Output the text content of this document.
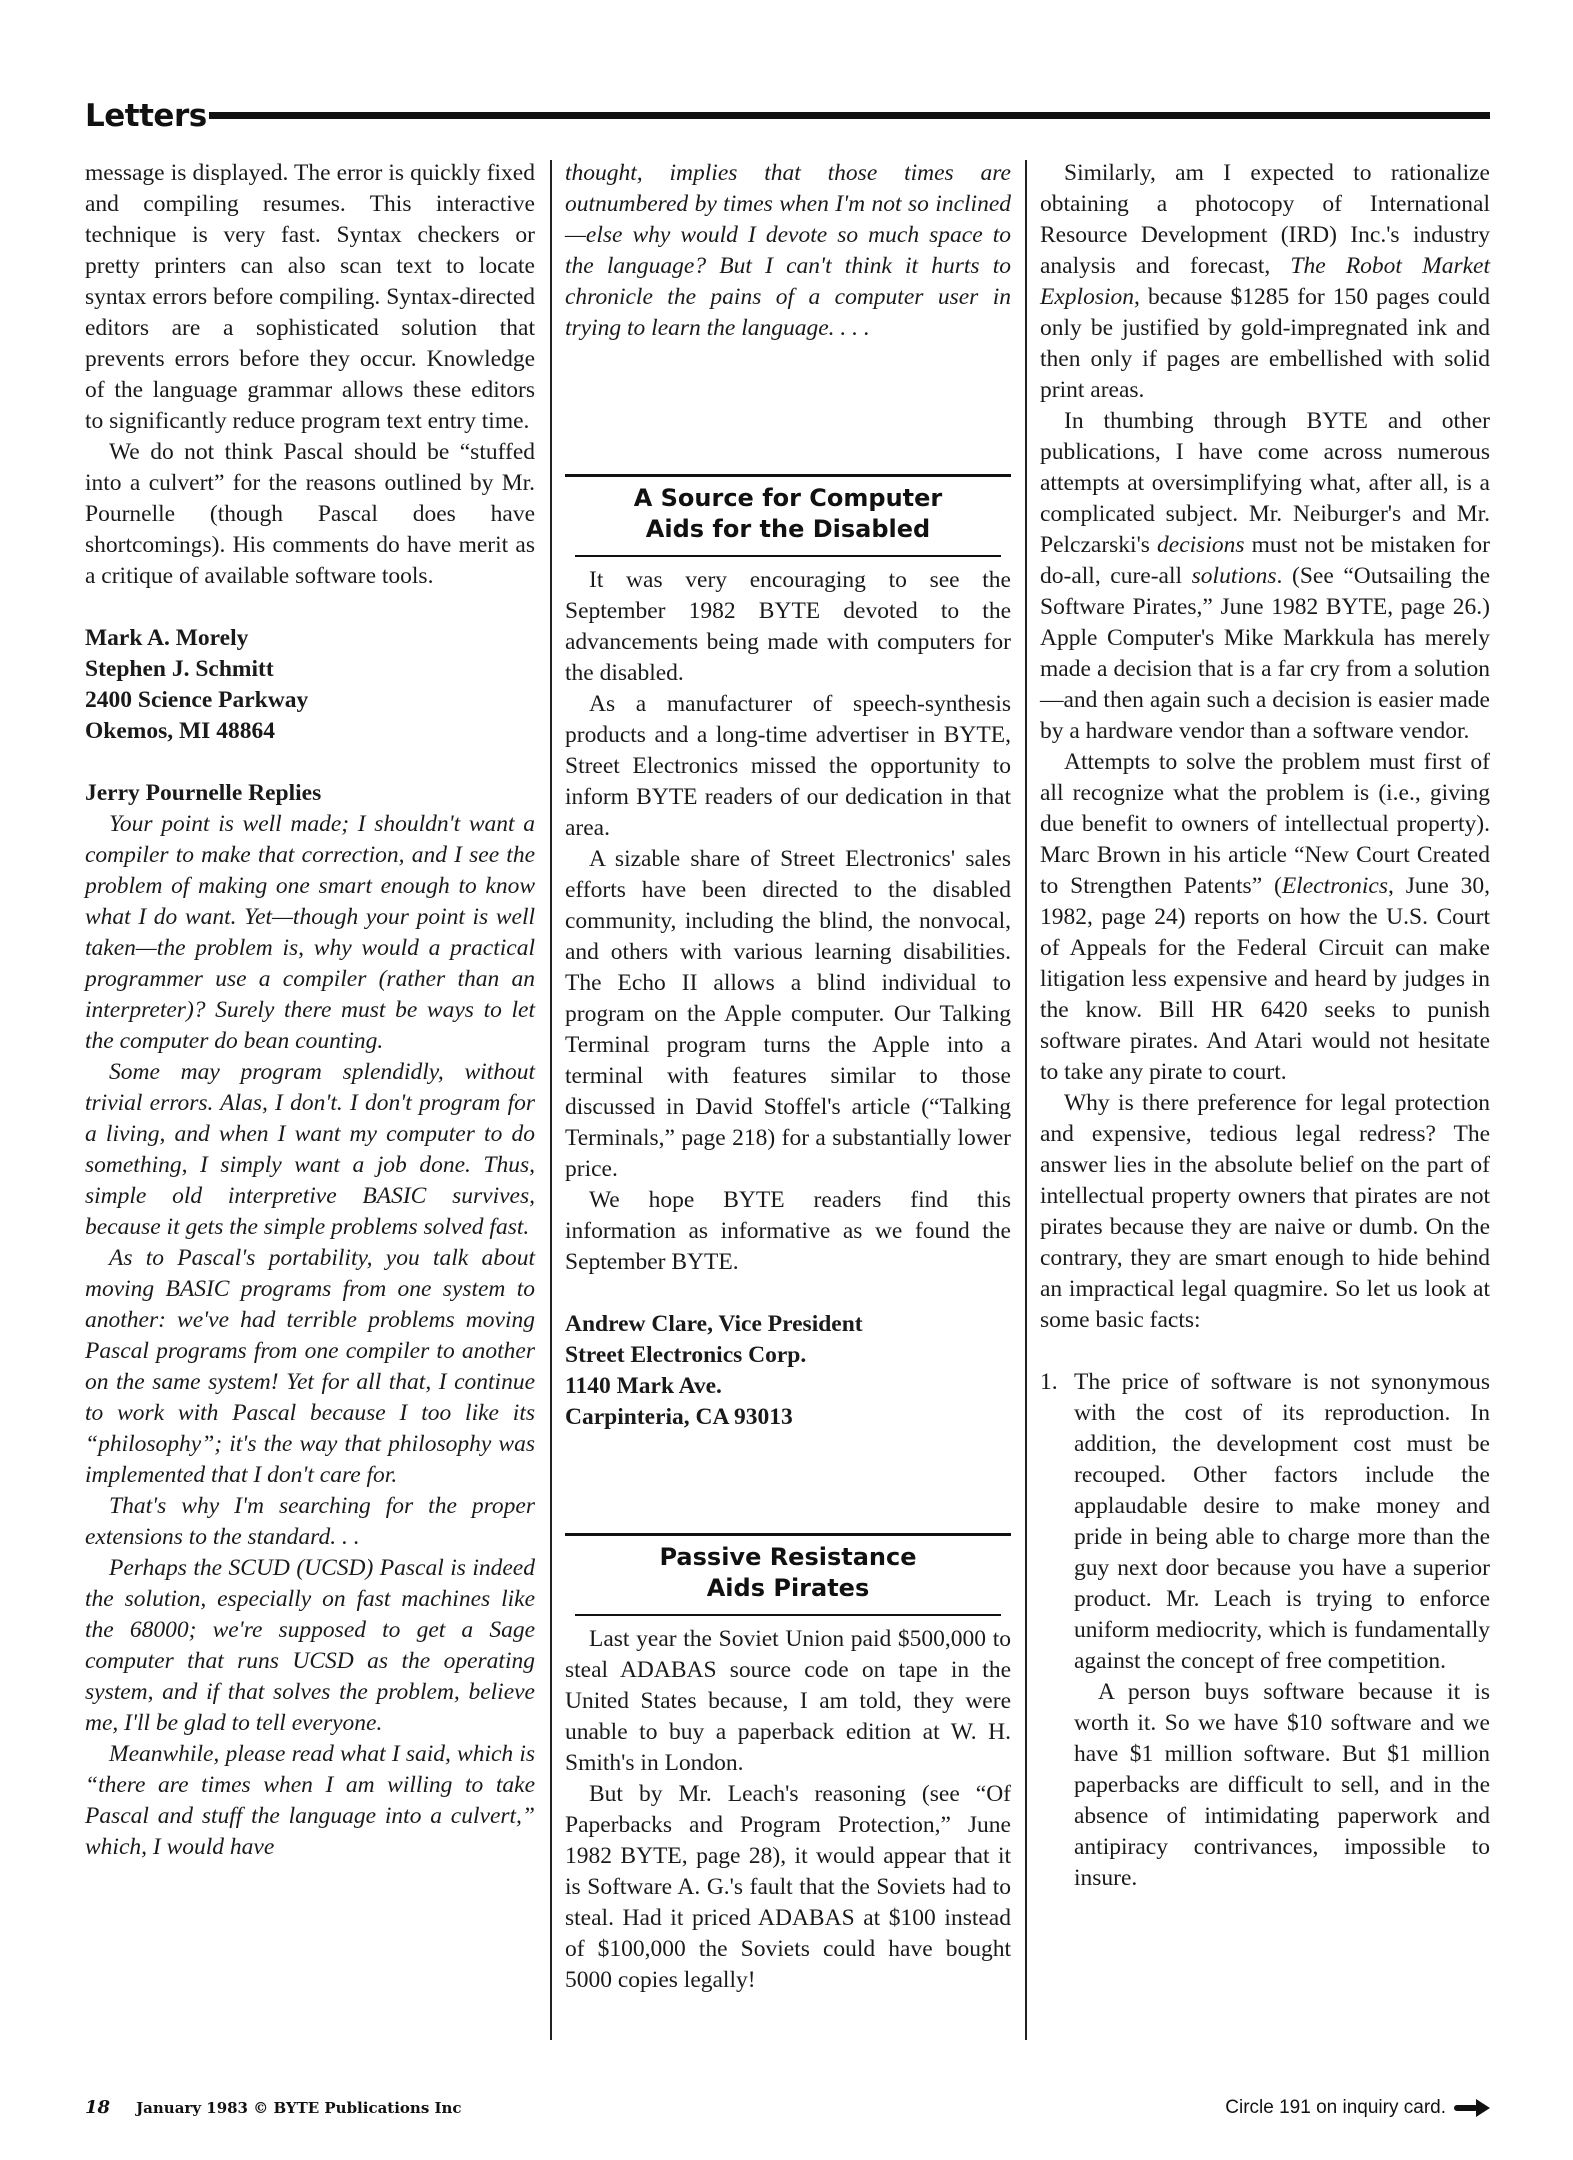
Letters

message is displayed. The error is quickly fixed and compiling resumes. This interactive technique is very fast. Syntax checkers or pretty printers can also scan text to locate syntax errors before compiling. Syntax-directed editors are a sophisticated solution that prevents errors before they occur. Knowledge of the language grammar allows these editors to significantly reduce program text entry time.

We do not think Pascal should be “stuffed into a culvert” for the reasons outlined by Mr. Pournelle (though Pascal does have shortcomings). His comments do have merit as a critique of available software tools.

Mark A. Morely
Stephen J. Schmitt
2400 Science Parkway
Okemos, MI 48864
Jerry Pournelle Replies

Your point is well made; I shouldn't want a compiler to make that correction, and I see the problem of making one smart enough to know what I do want. Yet—though your point is well taken—the problem is, why would a practical programmer use a compiler (rather than an interpreter)? Surely there must be ways to let the computer do bean counting.

Some may program splendidly, without trivial errors. Alas, I don't. I don't program for a living, and when I want my computer to do something, I simply want a job done. Thus, simple old interpretive BASIC survives, because it gets the simple problems solved fast.

As to Pascal's portability, you talk about moving BASIC programs from one system to another: we've had terrible problems moving Pascal programs from one compiler to another on the same system! Yet for all that, I continue to work with Pascal because I too like its “philosophy”; it's the way that philosophy was implemented that I don't care for.

That's why I'm searching for the proper extensions to the standard. . .

Perhaps the SCUD (UCSD) Pascal is indeed the solution, especially on fast machines like the 68000; we're supposed to get a Sage computer that runs UCSD as the operating system, and if that solves the problem, believe me, I'll be glad to tell everyone.

Meanwhile, please read what I said, which is “there are times when I am willing to take Pascal and stuff the language into a culvert,” which, I would have

thought, implies that those times are outnumbered by times when I'm not so inclined—else why would I devote so much space to the language? But I can't think it hurts to chronicle the pains of a computer user in trying to learn the language. . . .

A Source for Computer
Aids for the Disabled

It was very encouraging to see the September 1982 BYTE devoted to the advancements being made with computers for the disabled.

As a manufacturer of speech-synthesis products and a long-time advertiser in BYTE, Street Electronics missed the opportunity to inform BYTE readers of our dedication in that area.

A sizable share of Street Electronics' sales efforts have been directed to the disabled community, including the blind, the nonvocal, and others with various learning disabilities. The Echo II allows a blind individual to program on the Apple computer. Our Talking Terminal program turns the Apple into a terminal with features similar to those discussed in David Stoffel's article (“Talking Terminals,” page 218) for a substantially lower price.

We hope BYTE readers find this information as informative as we found the September BYTE.

Andrew Clare, Vice President
Street Electronics Corp.
1140 Mark Ave.
Carpinteria, CA 93013
Passive Resistance
Aids Pirates

Last year the Soviet Union paid $500,000 to steal ADABAS source code on tape in the United States because, I am told, they were unable to buy a paperback edition at W. H. Smith's in London.

But by Mr. Leach's reasoning (see “Of Paperbacks and Program Protection,” June 1982 BYTE, page 28), it would appear that it is Software A. G.'s fault that the Soviets had to steal. Had it priced ADABAS at $100 instead of $100,000 the Soviets could have bought 5000 copies legally!

Similarly, am I expected to rationalize obtaining a photocopy of International Resource Development (IRD) Inc.'s industry analysis and forecast, The Robot Market Explosion, because $1285 for 150 pages could only be justified by gold-impregnated ink and then only if pages are embellished with solid print areas.

In thumbing through BYTE and other publications, I have come across numerous attempts at oversimplifying what, after all, is a complicated subject. Mr. Neiburger's and Mr. Pelczarski's decisions must not be mistaken for do-all, cure-all solutions. (See “Outsailing the Software Pirates,” June 1982 BYTE, page 26.) Apple Computer's Mike Markkula has merely made a decision that is a far cry from a solution—and then again such a decision is easier made by a hardware vendor than a software vendor.

Attempts to solve the problem must first of all recognize what the problem is (i.e., giving due benefit to owners of intellectual property). Marc Brown in his article “New Court Created to Strengthen Patents” (Electronics, June 30, 1982, page 24) reports on how the U.S. Court of Appeals for the Federal Circuit can make litigation less expensive and heard by judges in the know. Bill HR 6420 seeks to punish software pirates. And Atari would not hesitate to take any pirate to court.

Why is there preference for legal protection and expensive, tedious legal redress? The answer lies in the absolute belief on the part of intellectual property owners that pirates are not pirates because they are naive or dumb. On the contrary, they are smart enough to hide behind an impractical legal quagmire. So let us look at some basic facts:

1. The price of software is not synonymous with the cost of its reproduction. In addition, the development cost must be recouped. Other factors include the applaudable desire to make money and pride in being able to charge more than the guy next door because you have a superior product. Mr. Leach is trying to enforce uniform mediocrity, which is fundamentally against the concept of free competition.

A person buys software because it is worth it. So we have $10 software and we have $1 million software. But $1 million paperbacks are difficult to sell, and in the absence of intimidating paperwork and antipiracy contrivances, impossible to insure.

18 January 1983 © BYTE Publications Inc	Circle 191 on inquiry card.
